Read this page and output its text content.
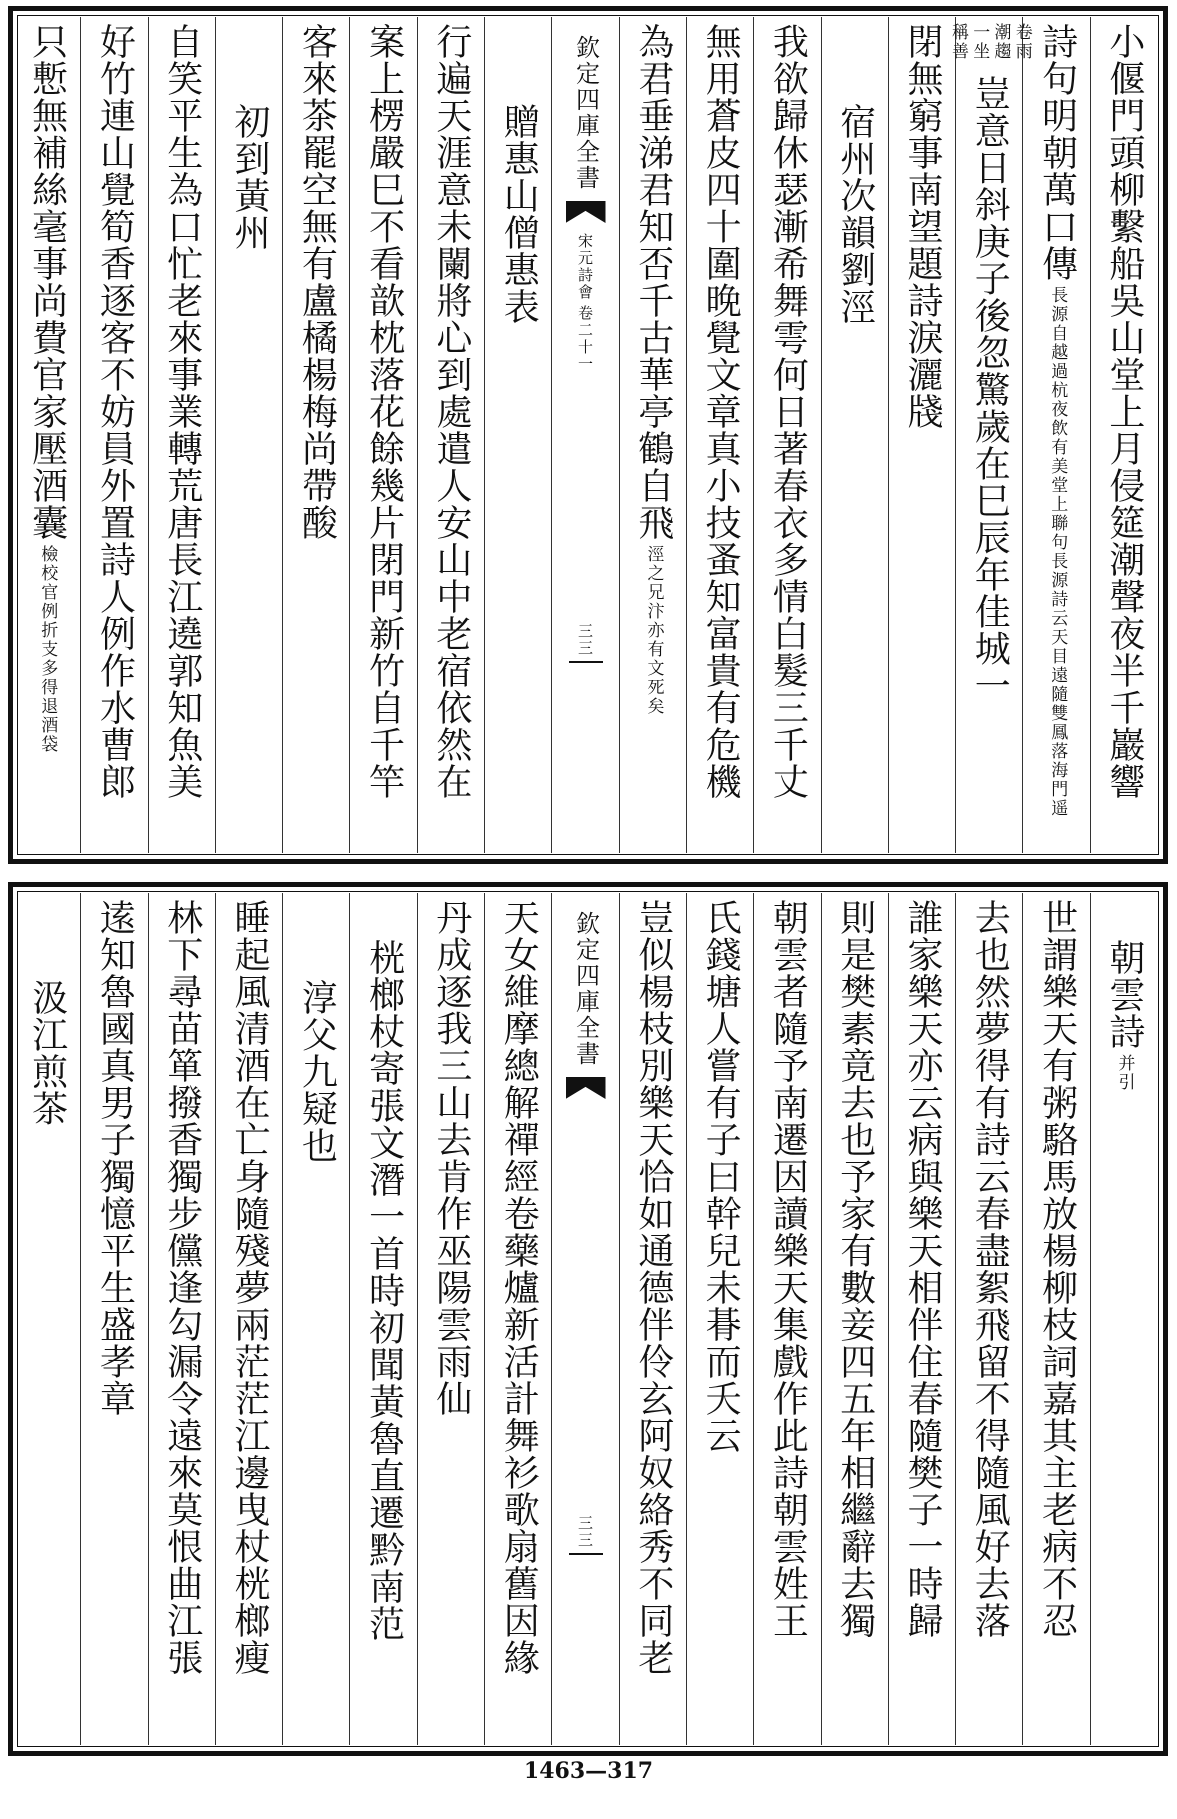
小偃門頭柳繫船吳山堂上月侵筵潮聲夜半千巖響
詩句明朝萬口傳
長源自越過杭夜飲有美堂上聯句長源詩云天目遠隨雙鳳落海門遥
卷雨潮趨一坐稱善
豈意日斜庚子後忽驚歲在巳辰年佳城一
閉無窮事南望題詩淚灑牋
宿州次韻劉涇
我欲歸休瑟漸希舞雩何日著春衣多情白髮三千丈
無用蒼皮四十圍晚覺文章真小技蚤知富貴有危機
為君垂涕君知否千古華亭鶴自飛
涇之兄汴亦有文死矣
欽定四庫全書
宋元詩會
卷二十一
三三
贈惠山僧惠表
行遍天涯意未闌將心到處遣人安山中老宿依然在
案上楞嚴巳不看歆枕落花餘幾片閉門新竹自千竿
客來茶罷空無有盧橘楊梅尚帶酸
初到黃州
自笑平生為口忙老來事業轉荒唐長江遶郭知魚美
好竹連山覺筍香逐客不妨員外置詩人例作水曹郎
只慙無補絲毫事尚費官家壓酒囊
檢校官例折支多得退酒袋
朝雲詩
并引
世謂樂天有粥駱馬放楊柳枝詞嘉其主老病不忍
去也然夢得有詩云春盡絮飛留不得隨風好去落
誰家樂天亦云病與樂天相伴住春隨樊子一時歸
則是樊素竟去也予家有數妾四五年相繼辭去獨
朝雲者隨予南遷因讀樂天集戲作此詩朝雲姓王
氏錢塘人嘗有子曰幹兒未朞而夭云
豈似楊枝別樂天恰如通德伴伶玄阿奴絡秀不同老
欽定四庫全書
三三
天女維摩總解禪經卷藥爐新活計舞衫歌扇舊因緣
丹成逐我三山去肯作巫陽雲雨仙
桄榔杖寄張文潛一首時初聞黃魯直遷黔南范
淳父九疑也
睡起風清酒在亡身隨殘夢兩茫茫江邊曳杖桄榔瘦
林下尋苗箪撥香獨步儻逢勾漏令遠來莫恨曲江張
逺知魯國真男子獨憶平生盛孝章
汲江煎茶
1463—317
